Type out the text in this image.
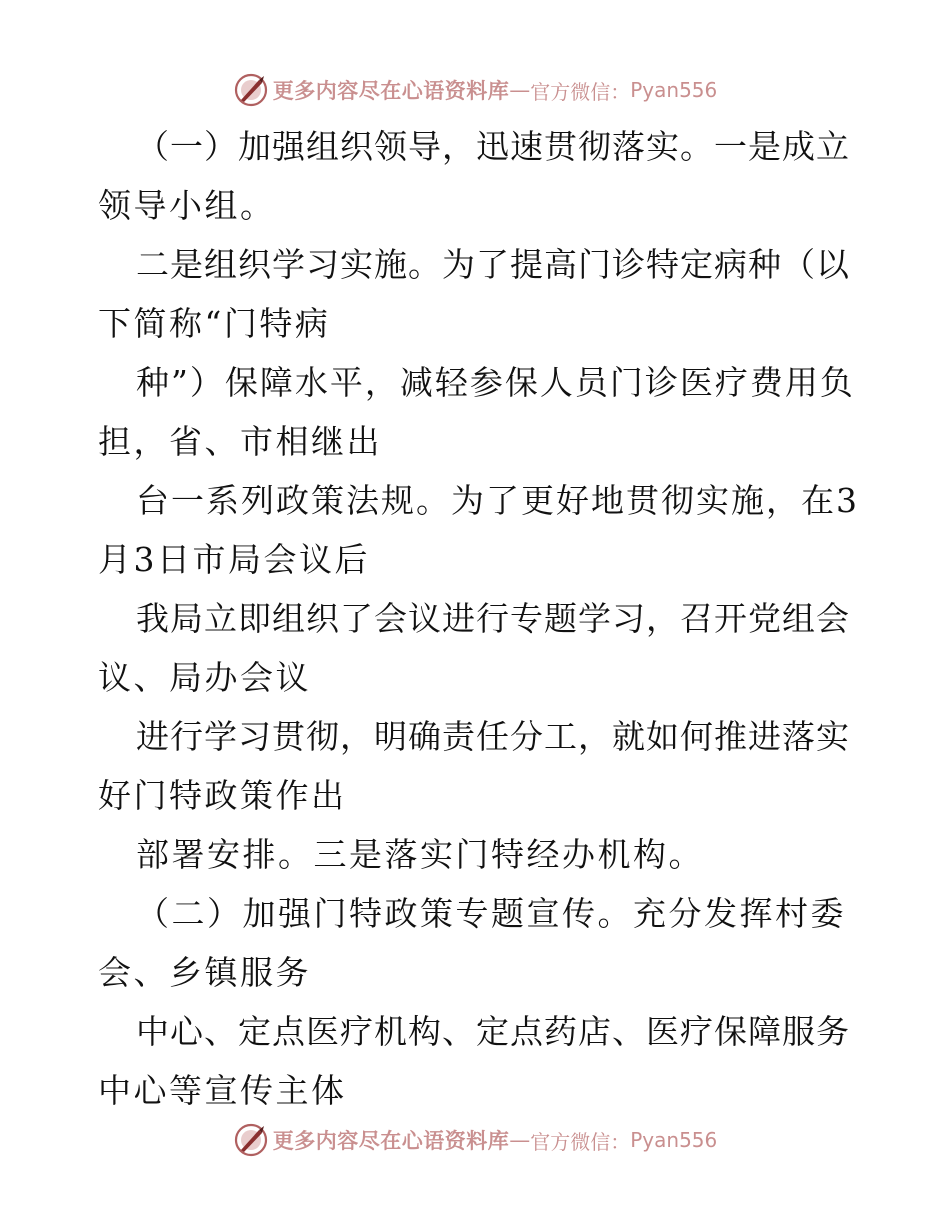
更多内容尽在心语资料库 — 官方微信： Pyan556
（一）加强组织领导，迅速贯彻落实。一是成立
领导小组。
二是组织学习实施。为了提高门诊特定病种（以
下简称“门特病
种”）保障水平，减轻参保人员门诊医疗费用负
担，省、市相继出
台一系列政策法规。为了更好地贯彻实施，在3
月3日市局会议后
我局立即组织了会议进行专题学习，召开党组会
议、局办会议
进行学习贯彻，明确责任分工，就如何推进落实
好门特政策作出
部署安排。三是落实门特经办机构。
（二）加强门特政策专题宣传。充分发挥村委
会、乡镇服务
中心、定点医疗机构、定点药店、医疗保障服务
中心等宣传主体
更多内容尽在心语资料库 — 官方微信： Pyan556
